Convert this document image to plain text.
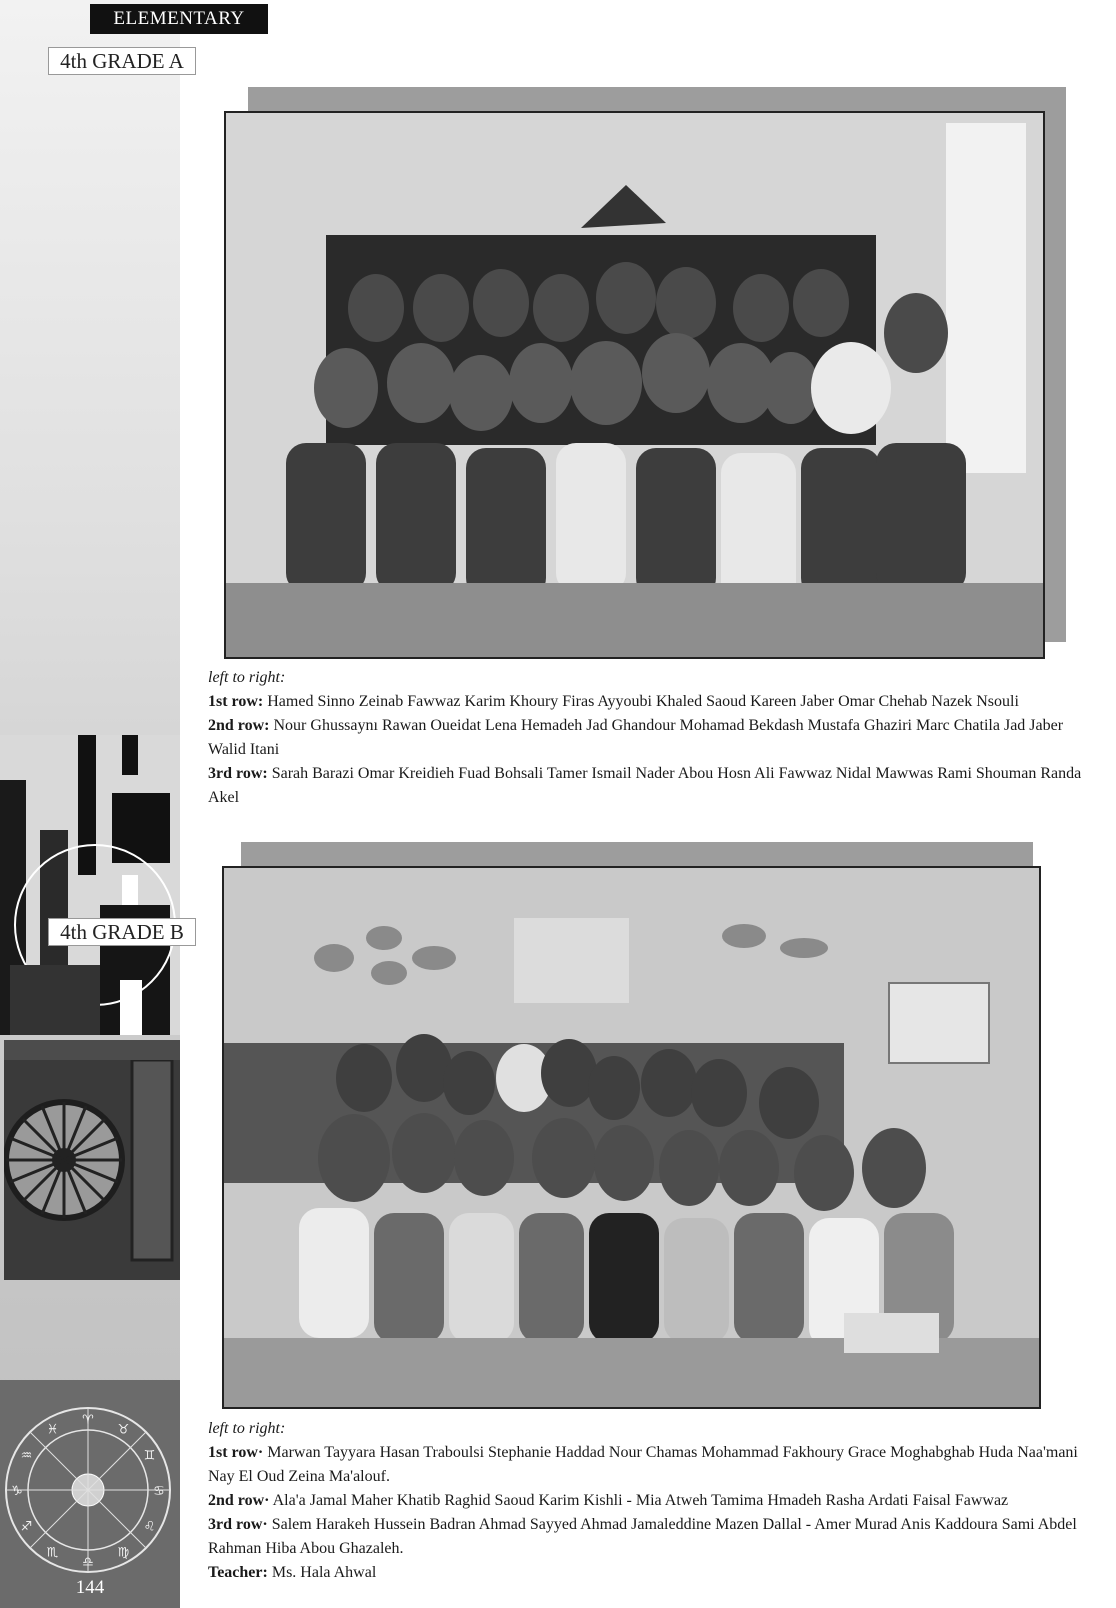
♈
♉
♊
♋
♌
♍
♎
♏
♐
♑
♒
♓
ELEMENTARY
4th GRADE A
4th GRADE B
left to right:

1st row: Hamed Sinno Zeinab Fawwaz Karim Khoury Firas Ayyoubi Khaled Saoud Kareen Jaber Omar Chehab Nazek Nsouli

2nd row: Nour Ghussaynı Rawan Oueidat Lena Hemadeh Jad Ghandour Mohamad Bekdash Mustafa Ghaziri Marc Chatila Jad Jaber Walid Itani

3rd row: Sarah Barazi Omar Kreidieh Fuad Bohsali Tamer Ismail Nader Abou Hosn Ali Fawwaz Nidal Mawwas Rami Shouman Randa Akel

left to right:

1st row· Marwan Tayyara Hasan Traboulsi Stephanie Haddad Nour Chamas Mohammad Fakhoury Grace Moghabghab Huda Naa'mani Nay El Oud Zeina Ma'alouf.

2nd row· Ala'a Jamal Maher Khatib Raghid Saoud Karim Kishli - Mia Atweh Tamima Hmadeh Rasha Ardati Faisal Fawwaz

3rd row· Salem Harakeh Hussein Badran Ahmad Sayyed Ahmad Jamaleddine Mazen Dallal - Amer Murad Anis Kaddoura Sami Abdel Rahman Hiba Abou Ghazaleh.

Teacher: Ms. Hala Ahwal

144
